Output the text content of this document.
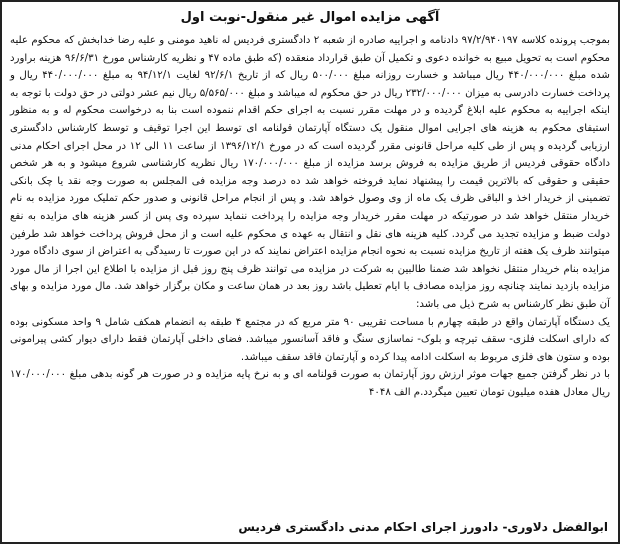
آگهی مزایده اموال غیر منقول-نوبت اول

بموجب پرونده کلاسه ۹۷/۲/۹۴۰۱۹۷ دادنامه و اجراییه صادره از شعبه ۲ دادگستری فردیس له ناهید مومنی و علیه رضا خدابخش که محکوم علیه محکوم است به تحویل مبیع به خوانده دعوی و تکمیل آن طبق قرارداد منعقده (که طبق ماده ۴۷ و نظریه کارشناس مورخ ۹۶/۶/۳۱ هزینه براورد شده مبلغ ۴۴۰/۰۰۰/۰۰۰ ریال میباشد و خسارت روزانه مبلغ ۵۰۰/۰۰۰ ریال که از تاریخ ۹۲/۶/۱ لغایت ۹۴/۱۲/۱ به مبلغ ۴۴۰/۰۰۰/۰۰۰ ریال و پرداخت خسارت دادرسی به میزان ۲۳۲/۰۰۰/۰۰۰ ریال در حق محکوم له میباشد و مبلغ ۵/۵۶۵/۰۰۰ ریال نیم عشر دولتی در حق دولت با توجه به اینکه اجراییه به محکوم علیه ابلاغ گردیده و در مهلت مقرر نسبت به اجرای حکم اقدام ننموده است بنا به درخواست محکوم له و به منظور استیفای محکوم به هزینه های اجرایی اموال منقول یک دستگاه آپارتمان قولنامه ای توسط این اجرا توقیف و توسط کارشناس دادگستری ارزیابی گردیده و پس از طی کلیه مراحل قانونی مقرر گردیده است که در مورخ ۱۳۹۶/۱۲/۱ از ساعت ۱۱ الی ۱۲ در محل اجرای احکام مدنی دادگاه حقوقی فردیس از طریق مزایده به فروش برسد مزایده از مبلغ ۱۷۰/۰۰۰/۰۰۰ ریال نظریه کارشناسی شروع میشود و به هر شخص حقیقی و حقوقی که بالاترین قیمت را پیشنهاد نماید فروخته خواهد شد ده درصد وجه مزایده فی المجلس به صورت وجه نقد یا چک بانکی تضمینی از خریدار اخذ و الباقی ظرف یک ماه از وی وصول خواهد شد. و پس از انجام مراحل قانونی و صدور حکم تملیک مورد مزایده به نام خریدار منتقل خواهد شد در صورتیکه در مهلت مقرر خریدار وجه مزایده را پرداخت ننماید سپرده وی پس از کسر هزینه های مزایده به نفع دولت ضبط و مزایده تجدید می گردد. کلیه هزینه های نقل و انتقال به عهده ی محکوم علیه است و از محل فروش پرداخت خواهد شد طرفین میتوانند ظرف یک هفته از تاریخ مزایده نسبت به نحوه انجام مزایده اعتراض نمایند که در این صورت تا رسیدگی به اعتراض از سوی دادگاه مورد مزایده بنام خریدار منتقل نخواهد شد ضمنا طالبین به شرکت در مزایده می توانند ظرف پنج روز قبل از مزایده با اطلاع این اجرا از مال مورد مزایده بازدید نمایند چنانچه روز مزایده مصادف با ایام تعطیل باشد روز بعد در همان ساعت و مکان برگزار خواهد شد. مال مورد مزایده و بهای آن طبق نظر کارشناس به شرح ذیل می باشد:

یک دستگاه آپارتمان واقع در طبقه چهارم با مساحت تقریبی ۹۰ متر مربع که در مجتمع ۴ طبقه به انضمام همکف شامل ۹ واحد مسکونی بوده که دارای اسکلت فلزی- سقف تیرچه و بلوک- نماسازی سنگ و فاقد آسانسور میباشد. فضای داخلی آپارتمان فقط دارای دیوار کشی پیرامونی بوده و ستون های فلزی مربوط به اسکلت ادامه پیدا کرده و آپارتمان فاقد سقف میباشد.

با در نظر گرفتن جمیع جهات موثر ارزش روز آپارتمان به صورت قولنامه ای و به نرخ پایه مزایده و در صورت هر گونه بدهی مبلغ ۱۷۰/۰۰۰/۰۰۰ ریال معادل هفده میلیون تومان تعیین میگردد.م الف ۴۰۴۸

ابوالفضل دلاوری- دادورز اجرای احکام مدنی دادگستری فردیس
